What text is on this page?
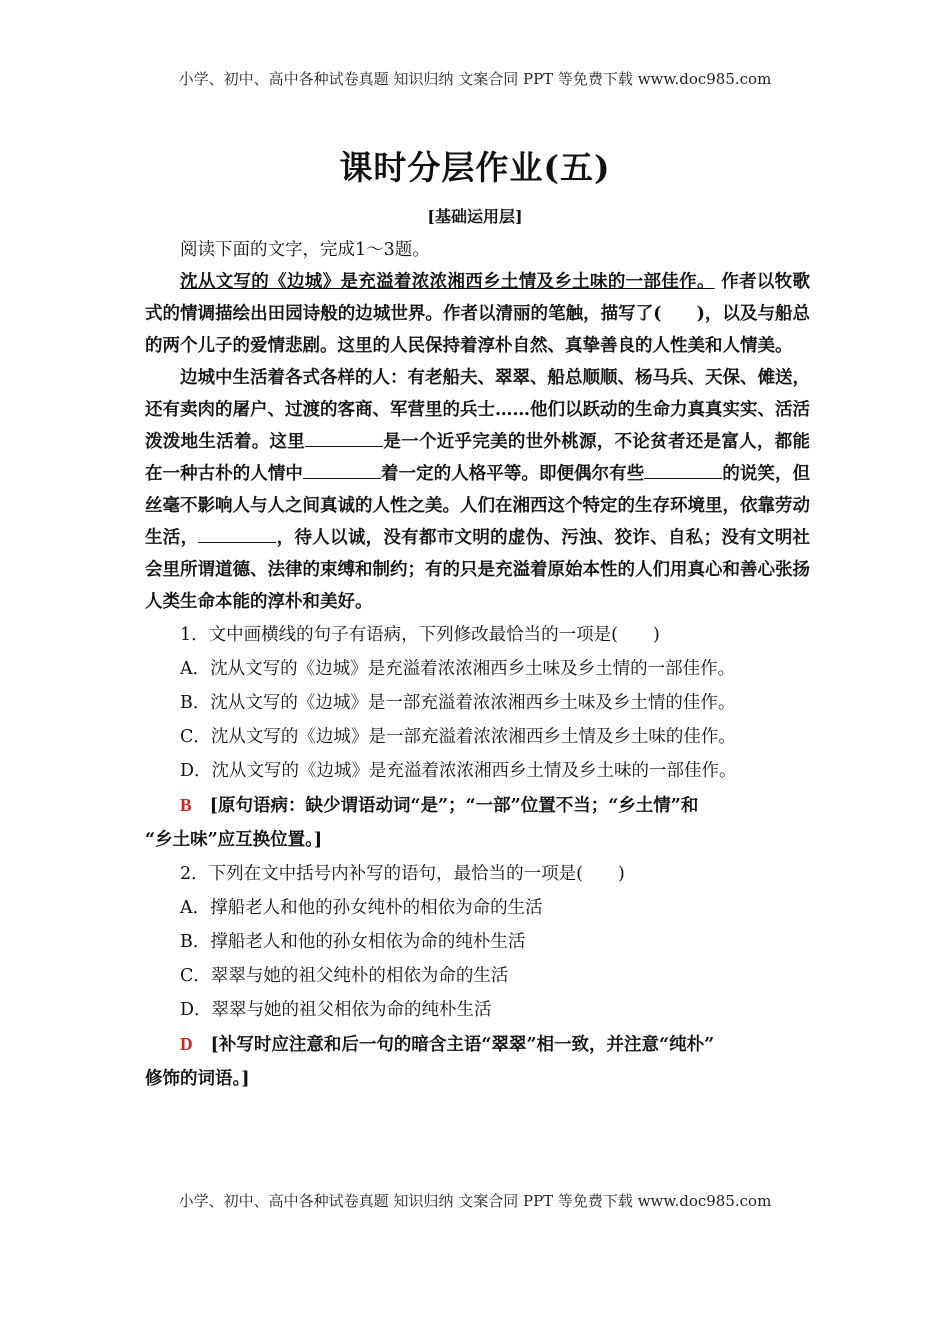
小学、初中、高中各种试卷真题 知识归纳 文案合同 PPT 等免费下载 www.doc985.com
课时分层作业(五)
[基础运用层]

阅读下面的文字，完成1～3题。

沈从文写的《边城》是充溢着浓浓湘西乡土情及乡土味的一部佳作。 作者以牧歌式的情调描绘出田园诗般的边城世界。作者以清丽的笔触，描写了(　　)，以及与船总的两个儿子的爱情悲剧。这里的人民保持着淳朴自然、真挚善良的人性美和人情美。

边城中生活着各式各样的人：有老船夫、翠翠、船总顺顺、杨马兵、天保、傩送，还有卖肉的屠户、过渡的客商、军营里的兵士……他们以跃动的生命力真真实实、活活泼泼地生活着。这里	是一个近乎完美的世外桃源，不论贫者还是富人，都能在一种古朴的人情中	着一定的人格平等。即便偶尔有些	的说笑，但丝毫不影响人与人之间真诚的人性之美。人们在湘西这个特定的生存环境里，依靠劳动生活，	，待人以诚，没有都市文明的虚伪、污浊、狡诈、自私；没有文明社会里所谓道德、法律的束缚和制约；有的只是充溢着原始本性的人们用真心和善心张扬人类生命本能的淳朴和美好。

1．文中画横线的句子有语病，下列修改最恰当的一项是(　　)

A．沈从文写的《边城》是充溢着浓浓湘西乡土味及乡土情的一部佳作。

B．沈从文写的《边城》是一部充溢着浓浓湘西乡土味及乡土情的佳作。

C．沈从文写的《边城》是一部充溢着浓浓湘西乡土情及乡土味的佳作。

D．沈从文写的《边城》是充溢着浓浓湘西乡土情及乡土味的一部佳作。

B [原句语病：缺少谓语动词“是”；“一部”位置不当；“乡土情”和

“乡土味”应互换位置。]

2．下列在文中括号内补写的语句，最恰当的一项是(　　)

A．撑船老人和他的孙女纯朴的相依为命的生活

B．撑船老人和他的孙女相依为命的纯朴生活

C．翠翠与她的祖父纯朴的相依为命的生活

D．翠翠与她的祖父相依为命的纯朴生活

D [补写时应注意和后一句的暗含主语“翠翠”相一致，并注意“纯朴”

修饰的词语。]

小学、初中、高中各种试卷真题 知识归纳 文案合同 PPT 等免费下载 www.doc985.com
